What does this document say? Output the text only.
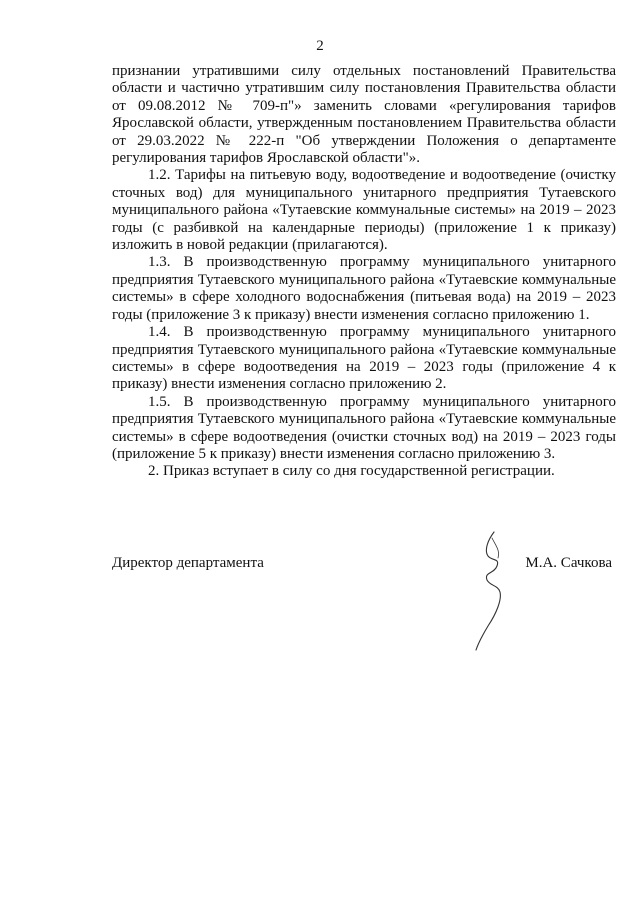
2

признании утратившими силу отдельных постановлений Правительства области и частично утратившим силу постановления Правительства области от 09.08.2012 № 709-п"» заменить словами «регулирования тарифов Ярославской области, утвержденным постановлением Правительства области от 29.03.2022 № 222-п "Об утверждении Положения о департаменте регулирования тарифов Ярославской области"».

1.2. Тарифы на питьевую воду, водоотведение и водоотведение (очистку сточных вод) для муниципального унитарного предприятия Тутаевского муниципального района «Тутаевские коммунальные системы» на 2019 – 2023 годы (с разбивкой на календарные периоды) (приложение 1 к приказу) изложить в новой редакции (прилагаются).

1.3. В производственную программу муниципального унитарного предприятия Тутаевского муниципального района «Тутаевские коммунальные системы» в сфере холодного водоснабжения (питьевая вода) на 2019 – 2023 годы (приложение 3 к приказу) внести изменения согласно приложению 1.

1.4. В производственную программу муниципального унитарного предприятия Тутаевского муниципального района «Тутаевские коммунальные системы» в сфере водоотведения на 2019 – 2023 годы (приложение 4 к приказу) внести изменения согласно приложению 2.

1.5. В производственную программу муниципального унитарного предприятия Тутаевского муниципального района «Тутаевские коммунальные системы» в сфере водоотведения (очистки сточных вод) на 2019 – 2023 годы (приложение 5 к приказу) внести изменения согласно приложению 3.

2. Приказ вступает в силу со дня государственной регистрации.

Директор департамента	М.А. Сачкова
